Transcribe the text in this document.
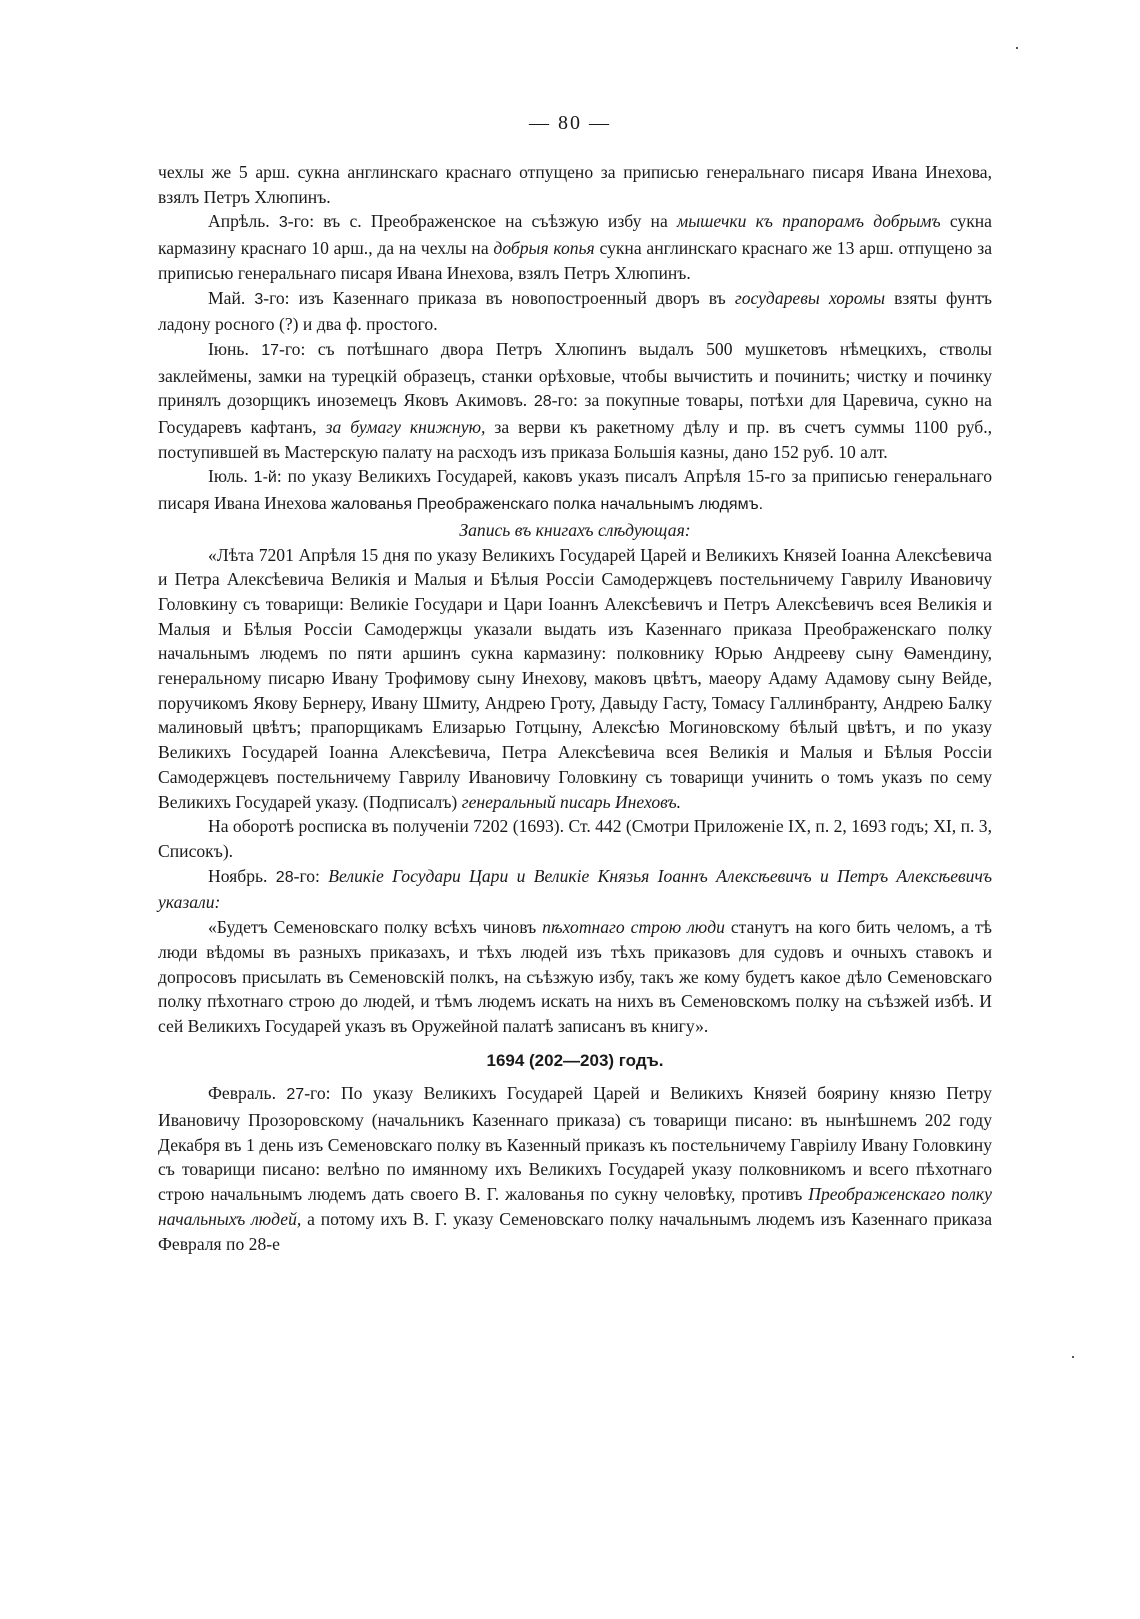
— 80 —

чехлы же 5 арш. сукна англинскаго краснаго отпущено за приписью генеральнаго писаря Ивана Инехова, взялъ Петръ Хлюпинъ.

Апрѣль. 3-го: въ с. Преображенское на съѣзжую избу на мышечки къ прапорамъ добрымъ сукна кармазину краснаго 10 арш., да на чехлы на добрыя копья сукна англинскаго краснаго же 13 арш. отпущено за приписью генеральнаго писаря Ивана Инехова, взялъ Петръ Хлюпинъ.

Май. 3-го: изъ Казеннаго приказа въ новопостроенный дворъ въ государевы хоромы взяты фунтъ ладону росного (?) и два ф. простого.

Іюнь. 17-го: съ потѣшнаго двора Петръ Хлюпинъ выдалъ 500 мушкетовъ нѣмецкихъ, стволы заклеймены, замки на турецкій образецъ, станки орѣховые, чтобы вычистить и починить; чистку и починку принялъ дозорщикъ иноземецъ Яковъ Акимовъ. 28-го: за покупные товары, потѣхи для Царевича, сукно на Государевъ кафтанъ, за бумагу книжную, за верви къ ракетному дѣлу и пр. въ счетъ суммы 1100 руб., поступившей въ Мастерскую палату на расходъ изъ приказа Большія казны, дано 152 руб. 10 алт.

Іюль. 1-й: по указу Великихъ Государей, каковъ указъ писалъ Апрѣля 15-го за приписью генеральнаго писаря Ивана Инехова жалованья Преображенскаго полка начальнымъ людямъ.

Запись въ книгахъ слѣдующая:

«Лѣта 7201 Апрѣля 15 дня по указу Великихъ Государей Царей и Великихъ Князей Іоанна Алексѣевича и Петра Алексѣевича Великія и Малыя и Бѣлыя Россіи Самодержцевъ постельничему Гаврилу Ивановичу Головкину съ товарищи: Великіе Государи и Цари Іоаннъ Алексѣевичъ и Петръ Алексѣевичъ всея Великія и Малыя и Бѣлыя Россіи Самодержцы указали выдать изъ Казеннаго приказа Преображенскаго полку начальнымъ людемъ по пяти аршинъ сукна кармазину: полковнику Юрью Андрееву сыну Ѳамендину, генеральному писарю Ивану Трофимову сыну Инехову, маковъ цвѣтъ, маеору Адаму Адамову сыну Вейде, поручикомъ Якову Бернеру, Ивану Шмиту, Андрею Гроту, Давыду Гасту, Томасу Галлинбранту, Андрею Балку малиновый цвѣтъ; прапорщикамъ Елизарью Готцыну, Алексѣю Могиновскому бѣлый цвѣтъ, и по указу Великихъ Государей Іоанна Алексѣевича, Петра Алексѣевича всея Великія и Малыя и Бѣлыя Россіи Самодержцевъ постельничему Гаврилу Ивановичу Головкину съ товарищи учинить о томъ указъ по сему Великихъ Государей указу. (Подписалъ) генеральный писарь Инеховъ.

На оборотѣ росписка въ полученіи 7202 (1693). Ст. 442 (Смотри Приложеніе IX, п. 2, 1693 годъ; XI, п. 3, Списокъ).

Ноябрь. 28-го: Великіе Государи Цари и Великіе Князья Іоаннъ Алексѣевичъ и Петръ Алексѣевичъ указали:

«Будетъ Семеновскаго полку всѣхъ чиновъ пѣхотнаго строю люди станутъ на кого бить челомъ, а тѣ люди вѣдомы въ разныхъ приказахъ, и тѣхъ людей изъ тѣхъ приказовъ для судовъ и очныхъ ставокъ и допросовъ присылать въ Семеновскій полкъ, на съѣзжую избу, такъ же кому будетъ какое дѣло Семеновскаго полку пѣхотнаго строю до людей, и тѣмъ людемъ искать на нихъ въ Семеновскомъ полку на съѣзжей избѣ. И сей Великихъ Государей указъ въ Оружейной палатѣ записанъ въ книгу».

1694 (202—203) годъ.

Февраль. 27-го: По указу Великихъ Государей Царей и Великихъ Князей боярину князю Петру Ивановичу Прозоровскому (начальникъ Казеннаго приказа) съ товарищи писано: въ нынѣшнемъ 202 году Декабря въ 1 день изъ Семеновскаго полку въ Казенный приказъ къ постельничему Гавріилу Ивану Головкину съ товарищи писано: велѣно по имянному ихъ Великихъ Государей указу полковникомъ и всего пѣхотнаго строю начальнымъ людемъ дать своего В. Г. жалованья по сукну человѣку, противъ Преображенскаго полку начальныхъ людей, а потому ихъ В. Г. указу Семеновскаго полку начальнымъ людемъ изъ Казеннаго приказа Февраля по 28-е
